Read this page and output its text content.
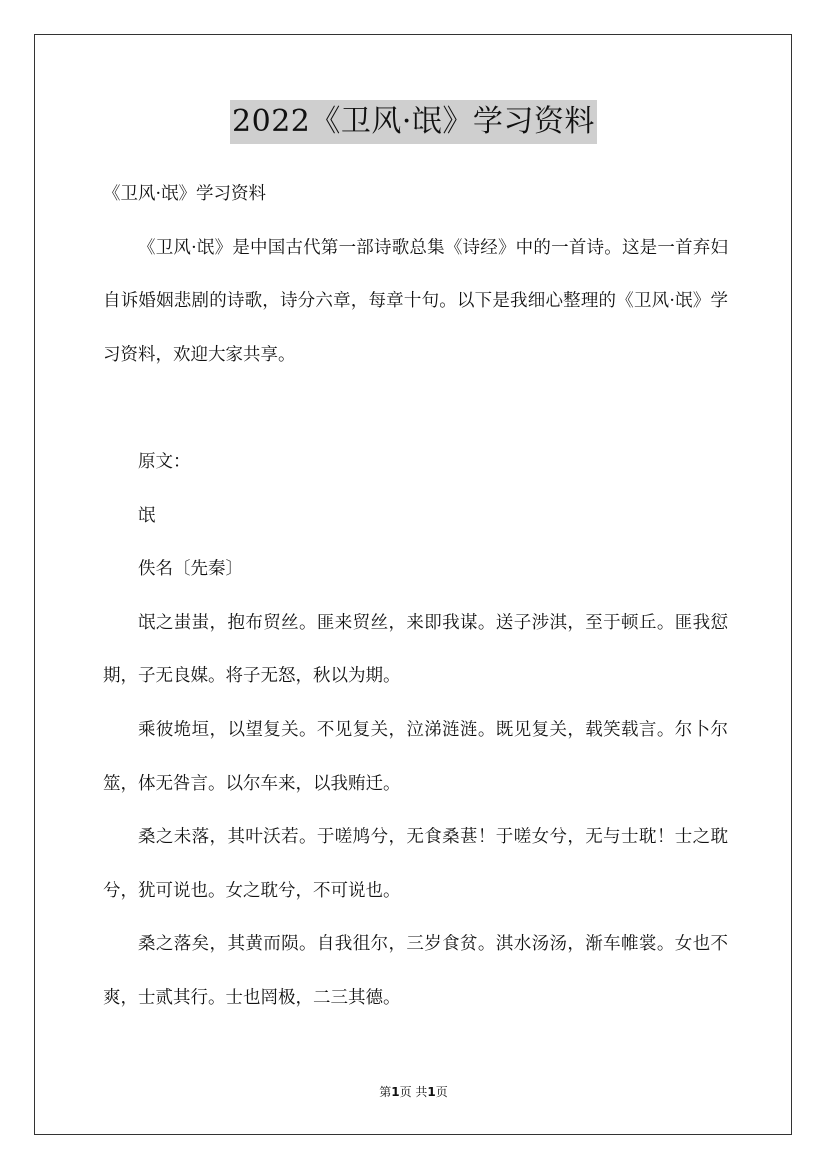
2022《卫风·氓》学习资料

《卫风·氓》学习资料

《卫风·氓》是中国古代第一部诗歌总集《诗经》中的一首诗。这是一首弃妇自诉婚姻悲剧的诗歌，诗分六章，每章十句。以下是我细心整理的《卫风·氓》学习资料，欢迎大家共享。

原文：

氓

佚名〔先秦〕

氓之蚩蚩，抱布贸丝。匪来贸丝，来即我谋。送子涉淇，至于顿丘。匪我愆期，子无良媒。将子无怒，秋以为期。

乘彼垝垣，以望复关。不见复关，泣涕涟涟。既见复关，载笑载言。尔卜尔筮，体无咎言。以尔车来，以我贿迁。

桑之未落，其叶沃若。于嗟鸠兮，无食桑葚！于嗟女兮，无与士耽！士之耽兮，犹可说也。女之耽兮，不可说也。

桑之落矣，其黄而陨。自我徂尔，三岁食贫。淇水汤汤，渐车帷裳。女也不爽，士贰其行。士也罔极，二三其德。

第1页 共1页
